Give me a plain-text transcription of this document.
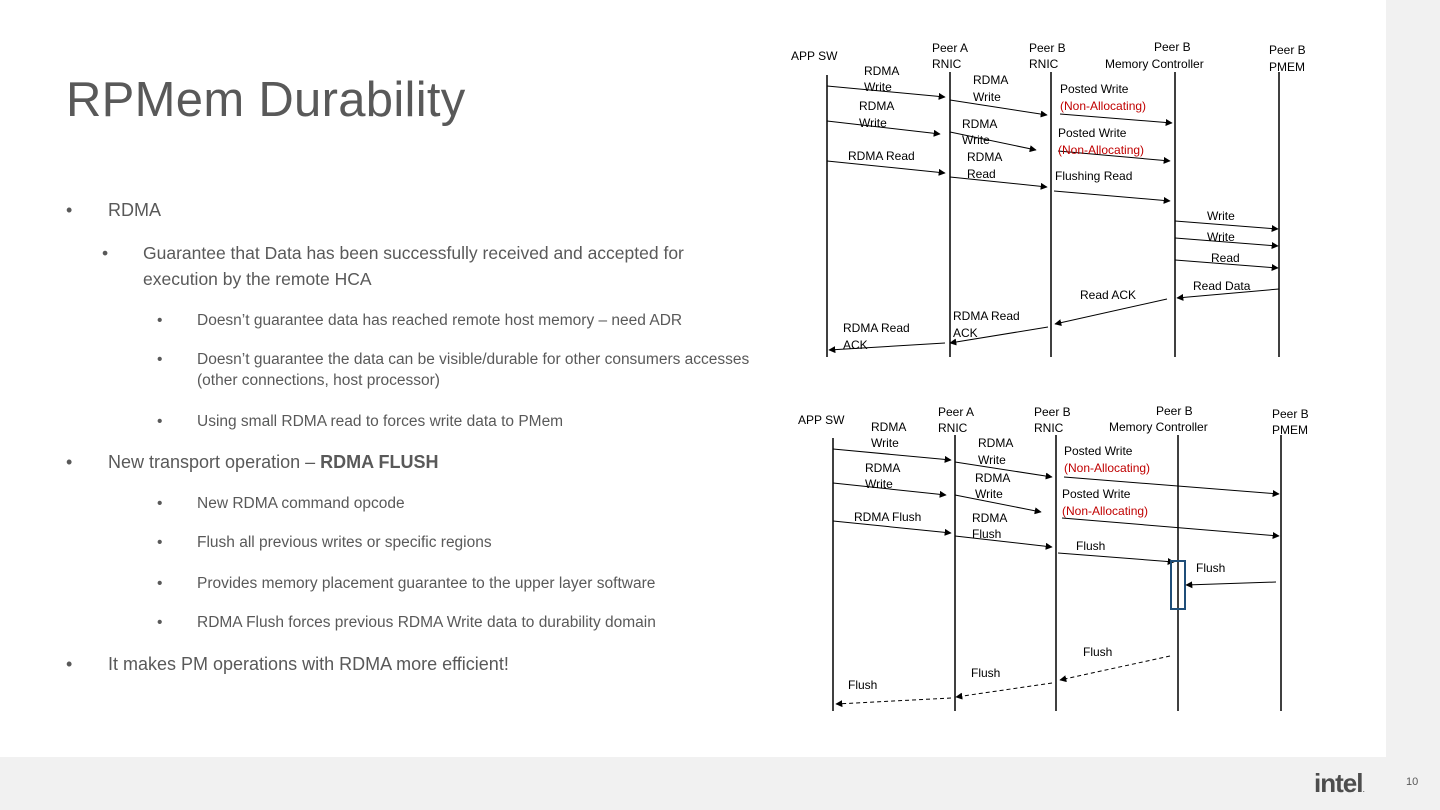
RPMem Durability
• RDMA
• Guarantee that Data has been successfully received and accepted for
execution by the remote HCA
• Doesn’t guarantee data has reached remote host memory – need ADR
• Doesn’t guarantee the data can be visible/durable for other consumers accesses
(other connections, host processor)
• Using small RDMA read to forces write data to PMem
• New transport operation – RDMA FLUSH
• New RDMA command opcode
• Flush all previous writes or specific regions
• Provides memory placement guarantee to the upper layer software
• RDMA Flush forces previous RDMA Write data to durability domain
• It makes PM operations with RDMA more efficient!
APP SW
Peer A
RNIC
Peer B
RNIC
Peer B
Memory Controller
Peer B
PMEM
RDMA
Write	RDMA
Write
Posted Write
(Non-Allocating)
RDMA
Write	RDMA
Write	Posted Write
(Non-Allocating)
RDMA Read	RDMA
Read	Flushing Read
Write
Write
Read
Read Data
Read ACK
RDMA Read
ACK
RDMA Read
ACK
APP SW
Peer A
RNIC
Peer B
RNIC
Peer B
Memory Controller
Peer B
PMEM
RDMA
Write	RDMA
Write
Posted Write
(Non-Allocating)
RDMA
Write	RDMA
Write	Posted Write
(Non-Allocating)
RDMA Flush	RDMA
Flush
Flush
Flush
Flush
Flush
Flush
intel.
10
